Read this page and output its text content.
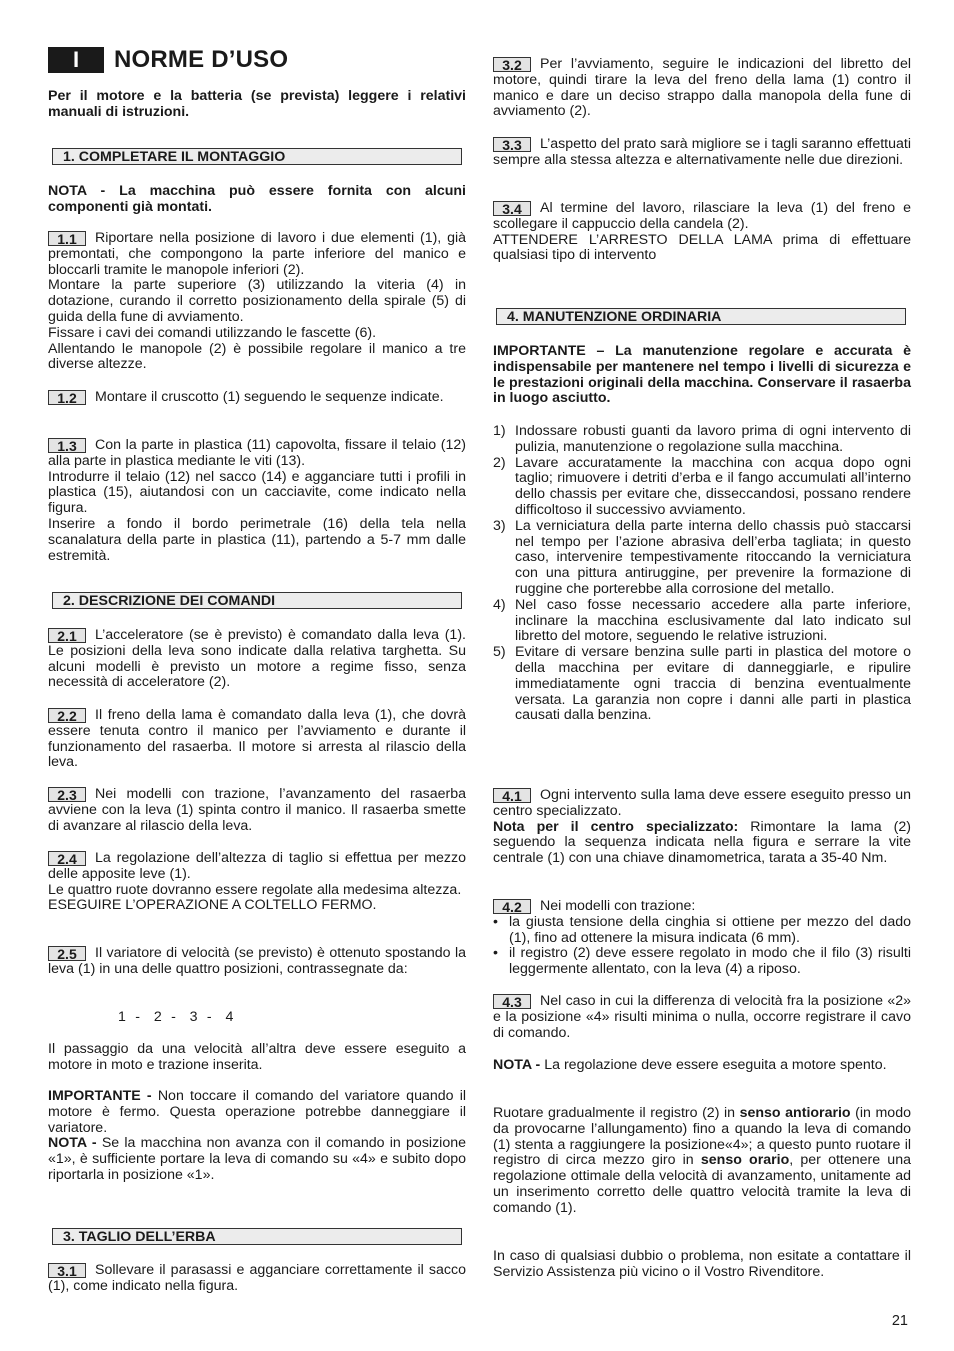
I	NORME D’USO
Per il motore e la batteria (se prevista) leggere i relativi manuali di istruzioni.
1. COMPLETARE IL MONTAGGIO
NOTA - La macchina può essere fornita con alcuni componenti già montati.

1.1 Riportare nella posizione di lavoro i due elementi (1), già premontati, che compongono la parte inferiore del manico e bloccarli tramite le manopole inferiori (2).

Montare la parte superiore (3) utilizzando la viteria (4) in dotazione, curando il corretto posizionamento della spirale (5) di guida della fune di avviamento.

Fissare i cavi dei comandi utilizzando le fascette (6).

Allentando le manopole (2) è possibile regolare il manico a tre diverse altezze.

1.2 Montare il cruscotto (1) seguendo le sequenze indicate.

1.3 Con la parte in plastica (11) capovolta, fissare il telaio (12) alla parte in plastica mediante le viti (13).

Introdurre il telaio (12) nel sacco (14) e agganciare tutti i profili in plastica (15), aiutandosi con un cacciavite, come indicato nella figura.

Inserire a fondo il bordo perimetrale (16) della tela nella scanalatura della parte in plastica (11), partendo a 5-7 mm dalle estremità.

2. DESCRIZIONE DEI COMANDI

2.1 L’acceleratore (se è previsto) è comandato dalla leva (1). Le posizioni della leva sono indicate dalla relativa targhetta. Su alcuni modelli è previsto un motore a regime fisso, senza necessità di acceleratore (2).

2.2 Il freno della lama è comandato dalla leva (1), che dovrà essere tenuta contro il manico per l’avviamento e durante il funzionamento del rasaerba. Il motore si arresta al rilascio della leva.

2.3 Nei modelli con trazione, l’avanzamento del rasaerba avviene con la leva (1) spinta contro il manico. Il rasaerba smette di avanzare al rilascio della leva.

2.4 La regolazione dell’altezza di taglio si effettua per mezzo delle apposite leve (1).

Le quattro ruote dovranno essere regolate alla medesima altezza.

ESEGUIRE L’OPERAZIONE A COLTELLO FERMO.

2.5 Il variatore di velocità (se previsto) è ottenuto spostando la leva (1) in una delle quattro posizioni, contrassegnate da:

1  -   2  -   3  -   4
Il passaggio da una velocità all’altra deve essere eseguito a motore in moto e trazione inserita.

IMPORTANTE - Non toccare il comando del variatore quando il motore è fermo. Questa operazione potrebbe danneggiare il variatore.

NOTA - Se la macchina non avanza con il comando in posizione «1», è sufficiente portare la leva di comando su «4» e subito dopo riportarla in posizione «1».

3. TAGLIO DELL’ERBA

3.1 Sollevare il parasassi e agganciare correttamente il sacco (1), come indicato nella figura.

3.2 Per l’avviamento, seguire le indicazioni del libretto del motore, quindi tirare la leva del freno della lama (1) contro il manico e dare un deciso strappo dalla manopola della fune di avviamento (2).

3.3 L’aspetto del prato sarà migliore se i tagli saranno effettuati sempre alla stessa altezza e alternativamente nelle due direzioni.

3.4 Al termine del lavoro, rilasciare la leva (1) del freno e scollegare il cappuccio della candela (2).

ATTENDERE L’ARRESTO DELLA LAMA prima di effettuare qualsiasi tipo di intervento

4. MANUTENZIONE ORDINARIA
IMPORTANTE – La manutenzione regolare e accurata è indispensabile per mantenere nel tempo i livelli di sicurezza e le prestazioni originali della macchina. Conservare il rasaerba in luogo asciutto.
1) Indossare robusti guanti da lavoro prima di ogni intervento di pulizia, manutenzione o regolazione sulla macchina.
2) Lavare accuratamente la macchina con acqua dopo ogni taglio; rimuovere i detriti d’erba e il fango accumulati all’interno dello chassis per evitare che, disseccandosi, possano rendere difficoltoso il successivo avviamento.
3) La verniciatura della parte interna dello chassis può staccarsi nel tempo per l’azione abrasiva dell’erba tagliata; in questo caso, intervenire tempestivamente ritoccando la verniciatura con una pittura antiruggine, per prevenire la formazione di ruggine che porterebbe alla corrosione del metallo.
4) Nel caso fosse necessario accedere alla parte inferiore, inclinare la macchina esclusivamente dal lato indicato sul libretto del motore, seguendo le relative istruzioni.
5) Evitare di versare benzina sulle parti in plastica del motore o della macchina per evitare di danneggiarle, e ripulire immediatamente ogni traccia di benzina eventualmente versata. La garanzia non copre i danni alle parti in plastica causati dalla benzina.

4.1 Ogni intervento sulla lama deve essere eseguito presso un centro specializzato.

Nota per il centro specializzato: Rimontare la lama (2) seguendo la sequenza indicata nella figura e serrare la vite centrale (1) con una chiave dinamometrica, tarata a 35-40 Nm.

4.2 Nei modelli con trazione:

• la giusta tensione della cinghia si ottiene per mezzo del dado (1), fino ad ottenere la misura indicata (6 mm).
• il registro (2) deve essere regolato in modo che il filo (3) risulti leggermente allentato, con la leva (4) a riposo.

4.3 Nel caso in cui la differenza di velocità fra la posizione «2» e la posizione «4» risulti minima o nulla, occorre registrare il cavo di comando.

NOTA - La regolazione deve essere eseguita a motore spento.

Ruotare gradualmente il registro (2) in senso antiorario (in modo da provocarne l’allungamento) fino a quando la leva di comando (1) stenta a raggiungere la posizione«4»; a questo punto ruotare il registro di circa mezzo giro in senso orario, per ottenere una regolazione ottimale della velocità di avanzamento, unitamente ad un inserimento corretto delle quattro velocità tramite la leva di comando (1).

In caso di qualsiasi dubbio o problema, non esitate a contattare il Servizio Assistenza più vicino o il Vostro Rivenditore.
21
